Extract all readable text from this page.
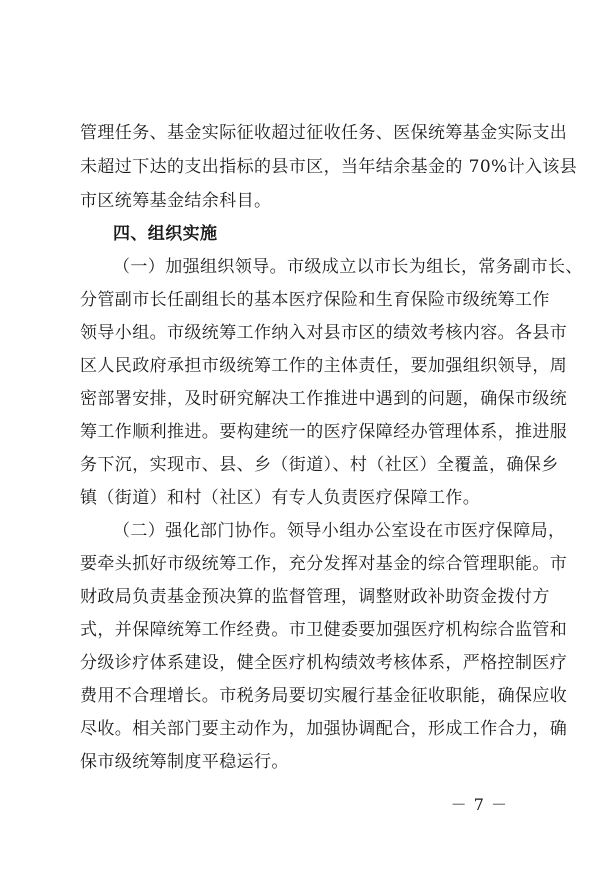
管理任务、基金实际征收超过征收任务、医保统筹基金实际支出
未超过下达的支出指标的县市区，当年结余基金的 70%计入该县
市区统筹基金结余科目。
四、组织实施
（一）加强组织领导。市级成立以市长为组长，常务副市长、
分管副市长任副组长的基本医疗保险和生育保险市级统筹工作
领导小组。市级统筹工作纳入对县市区的绩效考核内容。各县市
区人民政府承担市级统筹工作的主体责任，要加强组织领导，周
密部署安排，及时研究解决工作推进中遇到的问题，确保市级统
筹工作顺利推进。要构建统一的医疗保障经办管理体系，推进服
务下沉，实现市、县、乡（街道）、村（社区）全覆盖，确保乡
镇（街道）和村（社区）有专人负责医疗保障工作。
（二）强化部门协作。领导小组办公室设在市医疗保障局，
要牵头抓好市级统筹工作，充分发挥对基金的综合管理职能。市
财政局负责基金预决算的监督管理，调整财政补助资金拨付方
式，并保障统筹工作经费。市卫健委要加强医疗机构综合监管和
分级诊疗体系建设，健全医疗机构绩效考核体系，严格控制医疗
费用不合理增长。市税务局要切实履行基金征收职能，确保应收
尽收。相关部门要主动作为，加强协调配合，形成工作合力，确
保市级统筹制度平稳运行。
－ 7 －
